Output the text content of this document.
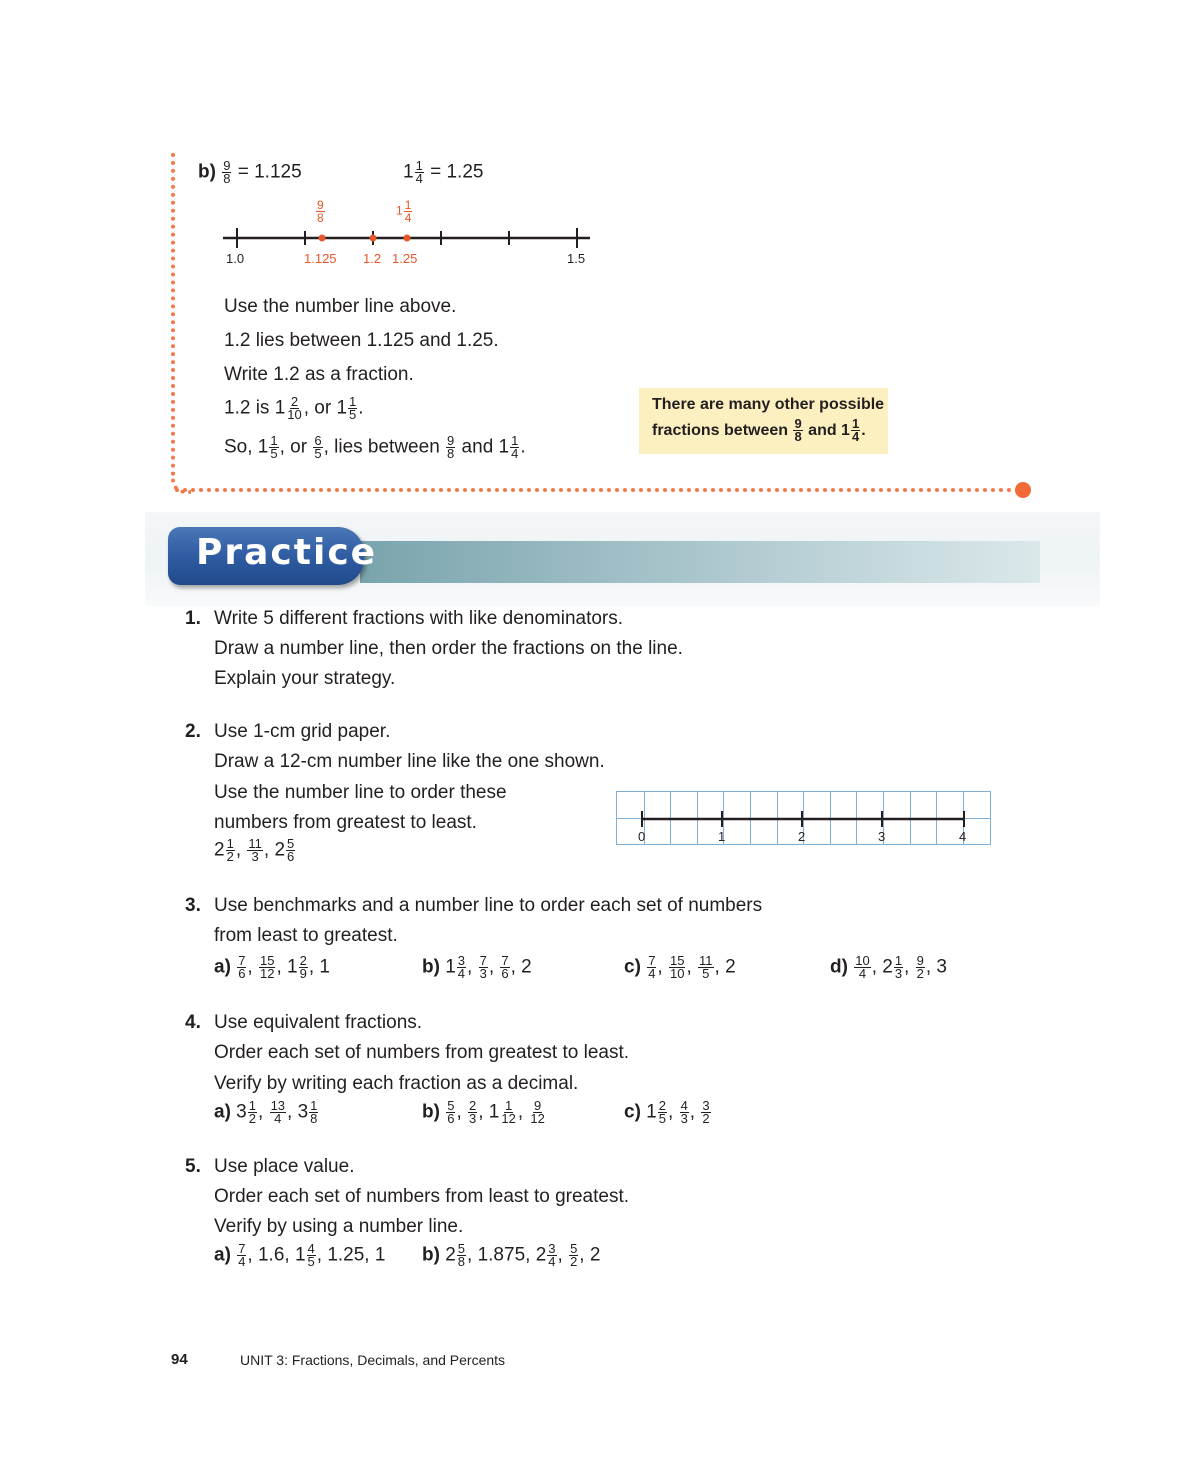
$b) \frac{9}{8} = 1.125$	$1 \frac{1}{4} = 1.25$
$\frac{9}{8}$	$1 \frac{1}{4}$
1.0	1.125 1.2 1.25	1.5
Use the number line above.
1.2 lies between 1.125 and 1.25.
Write 1.2 as a fraction.
1.2 is $1 \frac{2}{10}$ , or $1 \frac{1}{5}$ .
So, $1 \frac{1}{5}$ , or $\frac{6}{5}$ , lies between $\frac{9}{8}$ and $1 \frac{1}{4}$ .
There are many other possible
fractions between $\frac{9}{8}$ and $1 \frac{1}{4}$ .
Practice
1. Write 5 different fractions with like denominators.
Draw a number line, then order the fractions on the line.
Explain your strategy.
2. Use 1-cm grid paper.
Draw a 12-cm number line like the one shown.
Use the number line to order these
numbers from greatest to least.
$2 \frac{1}{2}$ , $\frac{11}{3}$ , $2 \frac{5}{6}$
0	1	2	3	4
3. Use benchmarks and a number line to order each set of numbers
from least to greatest.
$a) \frac{7}{6}$ , $\frac{15}{12}$ , $1 \frac{2}{9}$ , 1	b) $1 \frac{3}{4}$ , $\frac{7}{3}$ , $\frac{7}{6}$ , 2	$c) \frac{7}{4}$ , $\frac{15}{10}$ , $\frac{11}{5}$ , 2	$d) \frac{10}{4}$ , $2 \frac{1}{3}$ , $\frac{9}{2}$ , 3
4. Use equivalent fractions.
Order each set of numbers from greatest to least.
Verify by writing each fraction as a decimal.
a) $3 \frac{1}{2}$ , $\frac{13}{4}$ , $3 \frac{1}{8}$	$b) \frac{5}{6}$ , $\frac{2}{3}$ , $1 \frac{1}{12}$ , $\frac{9}{12}$	c) $1 \frac{2}{5}$ , $\frac{4}{3}$ , $\frac{3}{2}$
5. Use place value.
Order each set of numbers from least to greatest.
Verify by using a number line.
$a) \frac{7}{4}$ , 1.6, $1 \frac{4}{5}$ , 1.25, 1 b) $2 \frac{5}{8}$ , 1.875, $2 \frac{3}{4}$ , $\frac{5}{2}$ , 2
94	UNIT 3: Fractions, Decimals, and Percents
